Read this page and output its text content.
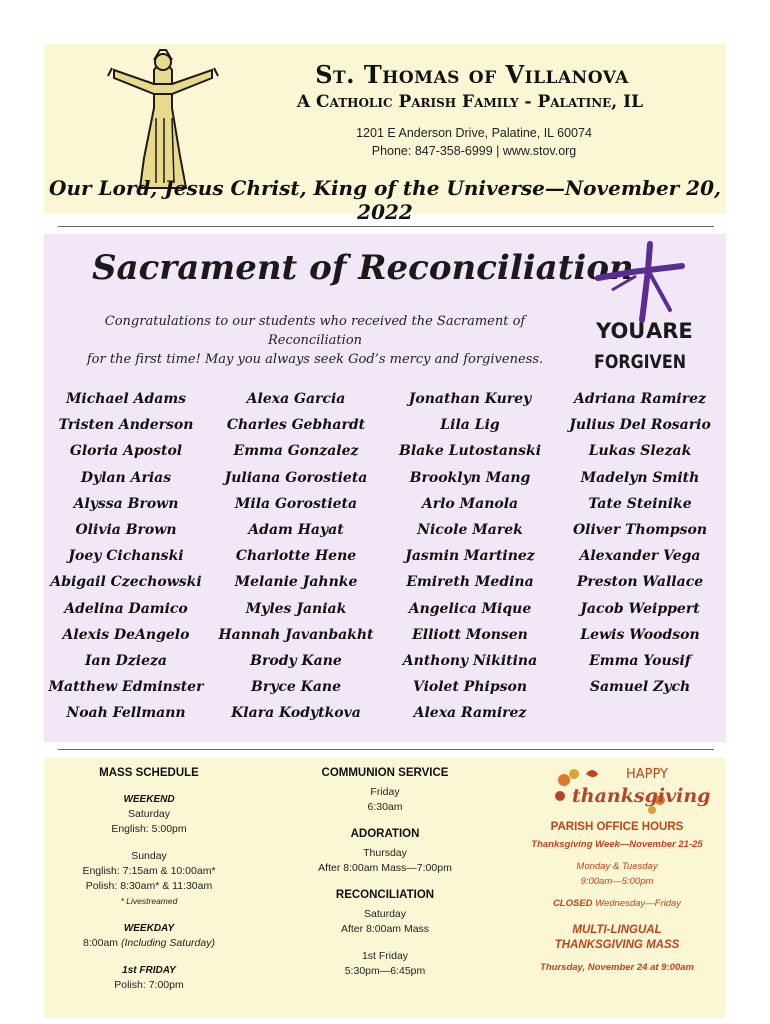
St. Thomas of Villanova
A Catholic Parish Family - Palatine, IL
1201 E Anderson Drive, Palatine, IL 60074
Phone: 847-358-6999 | www.stov.org
Our Lord, Jesus Christ, King of the Universe—November 20, 2022
Sacrament of Reconciliation
Congratulations to our students who received the Sacrament of Reconciliation
for the first time! May you always seek God’s mercy and forgiveness.
YOU ARE
FORGIVEN
Michael Adams
Tristen Anderson
Gloria Apostol
Dylan Arias
Alyssa Brown
Olivia Brown
Joey Cichanski
Abigail Czechowski
Adelina Damico
Alexis DeAngelo
Ian Dzieza
Matthew Edminster
Noah Fellmann
Alexa Garcia
Charles Gebhardt
Emma Gonzalez
Juliana Gorostieta
Mila Gorostieta
Adam Hayat
Charlotte Hene
Melanie Jahnke
Myles Janiak
Hannah Javanbakht
Brody Kane
Bryce Kane
Klara Kodytkova
Jonathan Kurey
Lila Lig
Blake Lutostanski
Brooklyn Mang
Arlo Manola
Nicole Marek
Jasmin Martinez
Emireth Medina
Angelica Mique
Elliott Monsen
Anthony Nikitina
Violet Phipson
Alexa Ramirez
Adriana Ramirez
Julius Del Rosario
Lukas Slezak
Madelyn Smith
Tate Steinike
Oliver Thompson
Alexander Vega
Preston Wallace
Jacob Weippert
Lewis Woodson
Emma Yousif
Samuel Zych
MASS SCHEDULE
WEEKEND
Saturday
English: 5:00pm
Sunday
English: 7:15am & 10:00am*
Polish: 8:30am* & 11:30am
* Livestreamed
WEEKDAY
8:00am (Including Saturday)
1st FRIDAY
Polish: 7:00pm
COMMUNION SERVICE
Friday
6:30am
ADORATION
Thursday
After 8:00am Mass—7:00pm
RECONCILIATION
Saturday
After 8:00am Mass
1st Friday
5:30pm—6:45pm
HAPPY
thanksgiving
PARISH OFFICE HOURS
Thanksgiving Week—November 21-25
Monday & Tuesday
9:00am—5:00pm
CLOSED Wednesday—Friday
MULTI-LINGUAL
THANKSGIVING MASS
Thursday, November 24 at 9:00am
